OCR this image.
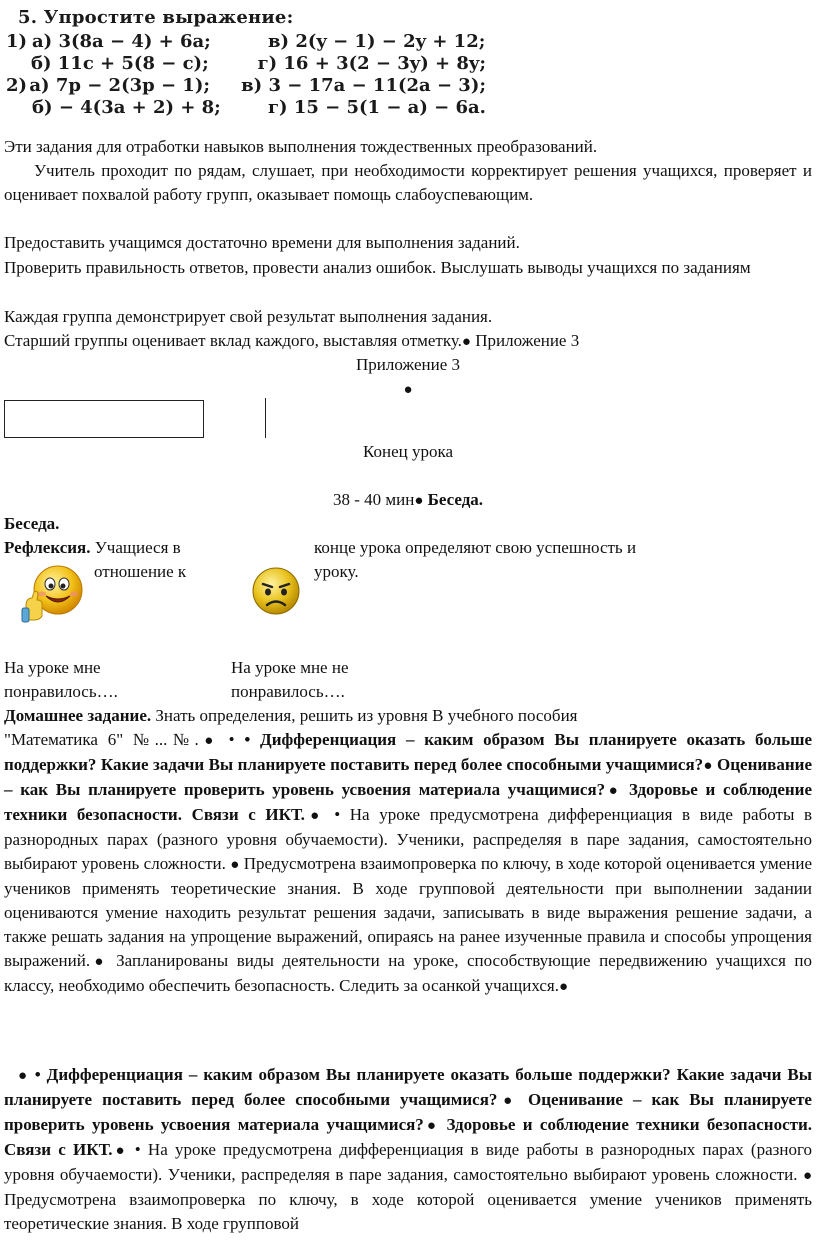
5. Упростите выражение:
1) а) 3(8a − 4) + 6a;	в) 2(y − 1) − 2y + 12;
б) 11c + 5(8 − c);	г) 16 + 3(2 − 3y) + 8y;
2) а) 7p − 2(3p − 1);	в) 3 − 17a − 11(2a − 3);
б) − 4(3a + 2) + 8;	г) 15 − 5(1 − a) − 6a.
Эти задания для отработки навыков выполнения тождественных преобразований.
Учитель проходит по рядам, слушает, при необходимости корректирует решения учащихся, проверяет и оценивает похвалой работу групп, оказывает помощь слабоуспевающим.
Предоставить учащимся достаточно времени для выполнения заданий.
Проверить правильность ответов, провести анализ ошибок. Выслушать выводы учащихся по заданиям
Каждая группа демонстрирует свой результат выполнения задания.
Старший группы оценивает вклад каждого, выставляя отметку.● Приложение 3
Приложение 3
●
Конец урока
38 - 40 мин● Беседа.
Беседа.
Рефлексия. Учащиеся в	конце урока определяют свою успешность и
отношение к	уроку.
На уроке мне
понравилось….
На уроке мне не
понравилось….
Домашнее задание. Знать определения, решить из уровня В учебного пособия
"Математика 6" №...№.● • • Дифференциация – каким образом Вы планируете оказать больше поддержки? Какие задачи Вы планируете поставить перед более способными учащимися?● Оценивание – как Вы планируете проверить уровень усвоения материала учащимися?● Здоровье и соблюдение техники безопасности. Связи с ИКТ.● • На уроке предусмотрена дифференциация в виде работы в разнородных парах (разного уровня обучаемости). Ученики, распределяя в паре задания, самостоятельно выбирают уровень сложности. ● Предусмотрена взаимопроверка по ключу, в ходе которой оценивается умение учеников применять теоретические знания. В ходе групповой деятельности при выполнении задании оцениваются умение находить результат решения задачи, записывать в виде выражения решение задачи, а также решать задания на упрощение выражений, опираясь на ранее изученные правила и способы упрощения выражений.● Запланированы виды деятельности на уроке, способствующие передвижению учащихся по классу, необходимо обеспечить безопасность. Следить за осанкой учащихся.●
● • Дифференциация – каким образом Вы планируете оказать больше поддержки? Какие задачи Вы планируете поставить перед более способными учащимися?● Оценивание – как Вы планируете проверить уровень усвоения материала учащимися?● Здоровье и соблюдение техники безопасности. Связи с ИКТ.● • На уроке предусмотрена дифференциация в виде работы в разнородных парах (разного уровня обучаемости). Ученики, распределяя в паре задания, самостоятельно выбирают уровень сложности. ● Предусмотрена взаимопроверка по ключу, в ходе которой оценивается умение учеников применять теоретические знания. В ходе групповой
